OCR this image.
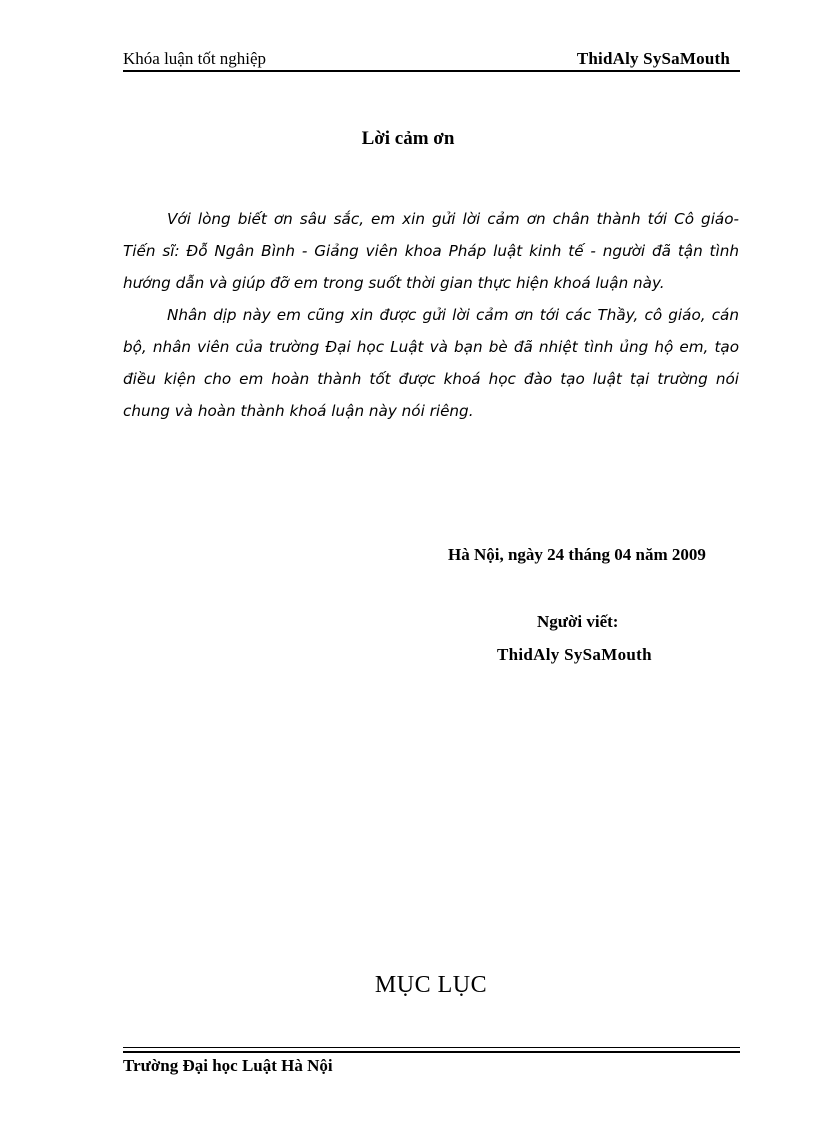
Khóa luận tốt nghiệp	ThidAly SySaMouth
Lời cảm ơn

Với lòng biết ơn sâu sắc, em xin gửi lời cảm ơn chân thành tới Cô giáo- Tiến sĩ: Đỗ Ngân Bình - Giảng viên khoa Pháp luật kinh tế - người đã tận tình hướng dẫn và giúp đỡ em trong suốt thời gian thực hiện khoá luận này.

Nhân dịp này em cũng xin được gửi lời cảm ơn tới các Thầy, cô giáo, cán bộ, nhân viên của trường Đại học Luật và bạn bè đã nhiệt tình ủng hộ em, tạo điều kiện cho em hoàn thành tốt được khoá học đào tạo luật tại trường nói chung và hoàn thành khoá luận này nói riêng.

Hà Nội, ngày 24 tháng 04 năm 2009
Người viết:
ThidAly SySaMouth
MỤC LỤC
Trường Đại học Luật Hà Nội
